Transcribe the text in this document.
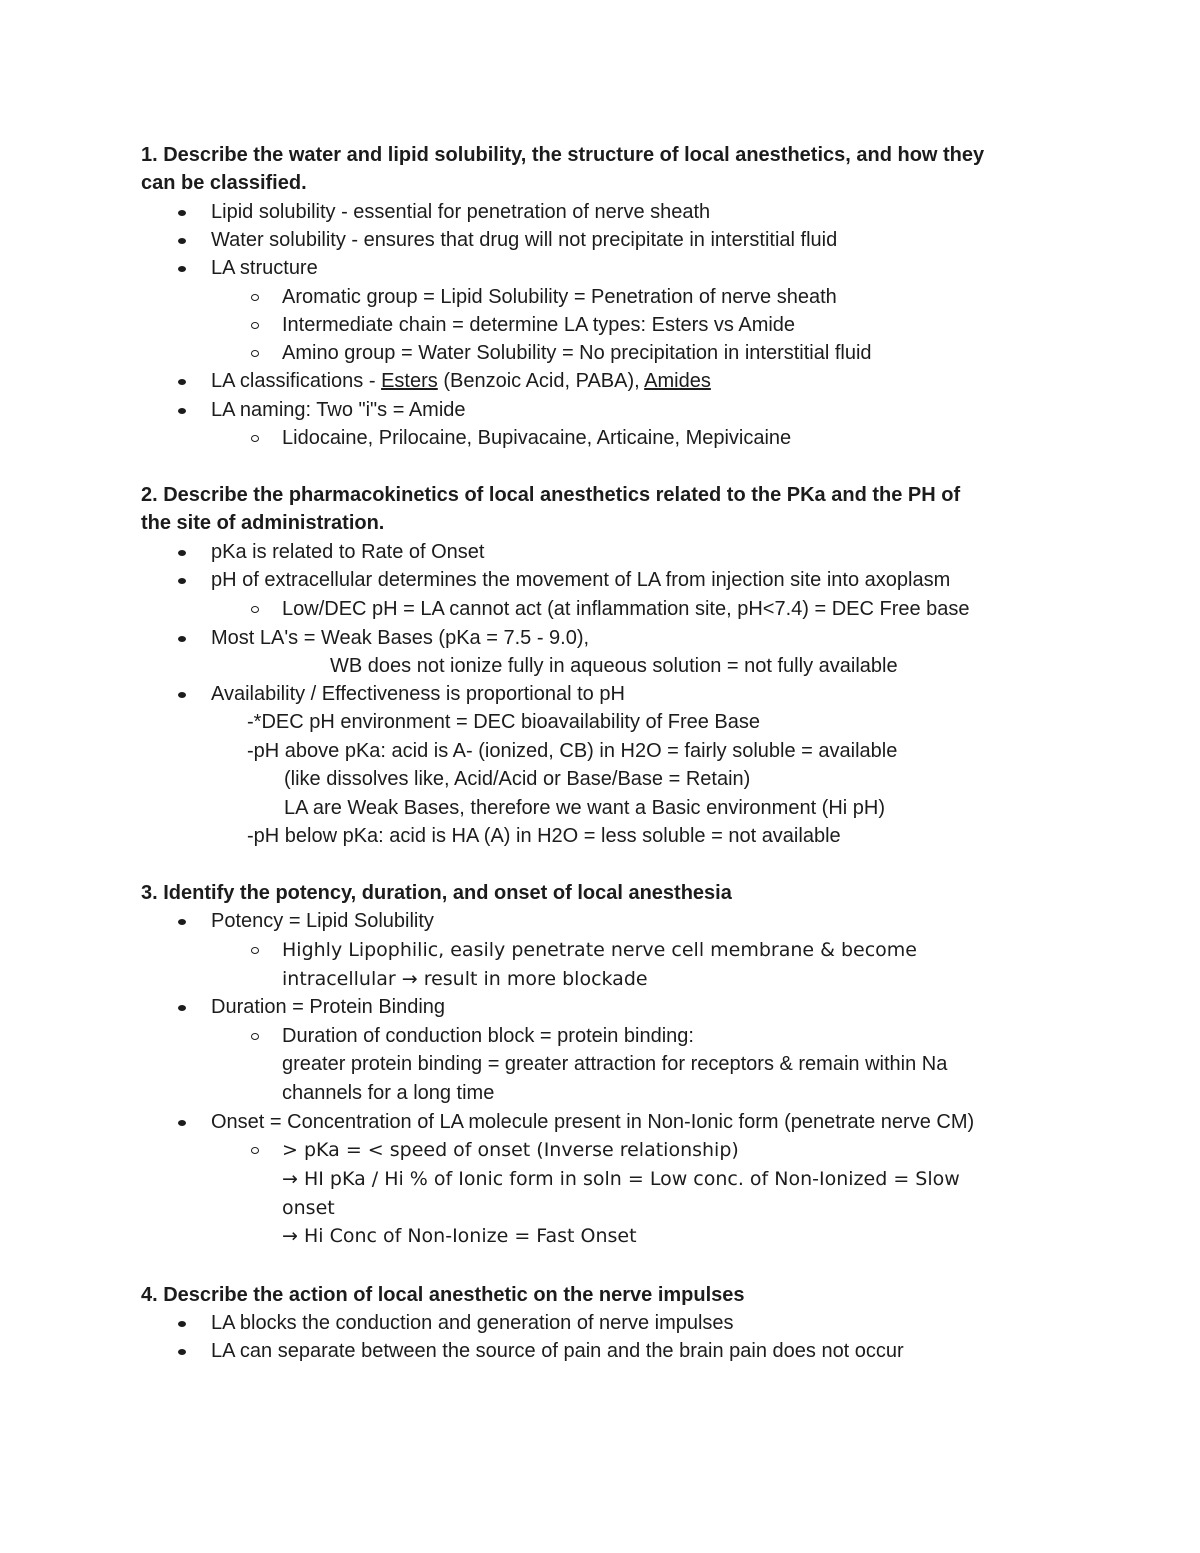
1. Describe the water and lipid solubility, the structure of local anesthetics, and how they
can be classified.
Lipid solubility - essential for penetration of nerve sheath
Water solubility - ensures that drug will not precipitate in interstitial fluid
LA structure
Aromatic group = Lipid Solubility = Penetration of nerve sheath
Intermediate chain = determine LA types: Esters vs Amide
Amino group = Water Solubility = No precipitation in interstitial fluid
LA classifications - Esters (Benzoic Acid, PABA), Amides
LA naming: Two "i"s = Amide
Lidocaine, Prilocaine, Bupivacaine, Articaine, Mepivicaine
2. Describe the pharmacokinetics of local anesthetics related to the PKa and the PH of
the site of administration.
pKa is related to Rate of Onset
pH of extracellular determines the movement of LA from injection site into axoplasm
Low/DEC pH = LA cannot act (at inflammation site, pH<7.4) = DEC Free base
Most LA's = Weak Bases (pKa = 7.5 - 9.0),
WB does not ionize fully in aqueous solution = not fully available
Availability / Effectiveness is proportional to pH
-*DEC pH environment = DEC bioavailability of Free Base
-pH above pKa: acid is A- (ionized, CB) in H2O = fairly soluble = available
(like dissolves like, Acid/Acid or Base/Base = Retain)
LA are Weak Bases, therefore we want a Basic environment (Hi pH)
-pH below pKa: acid is HA (A) in H2O = less soluble = not available
3. Identify the potency, duration, and onset of local anesthesia
Potency = Lipid Solubility
Highly Lipophilic, easily penetrate nerve cell membrane & become
intracellular → result in more blockade
Duration = Protein Binding
Duration of conduction block = protein binding:
greater protein binding = greater attraction for receptors & remain within Na
channels for a long time
Onset = Concentration of LA molecule present in Non-Ionic form (penetrate nerve CM)
> pKa = < speed of onset (Inverse relationship)
→ HI pKa / Hi % of Ionic form in soln = Low conc. of Non-Ionized = Slow
onset
→ Hi Conc of Non-Ionize = Fast Onset
4. Describe the action of local anesthetic on the nerve impulses
LA blocks the conduction and generation of nerve impulses
LA can separate between the source of pain and the brain pain does not occur
